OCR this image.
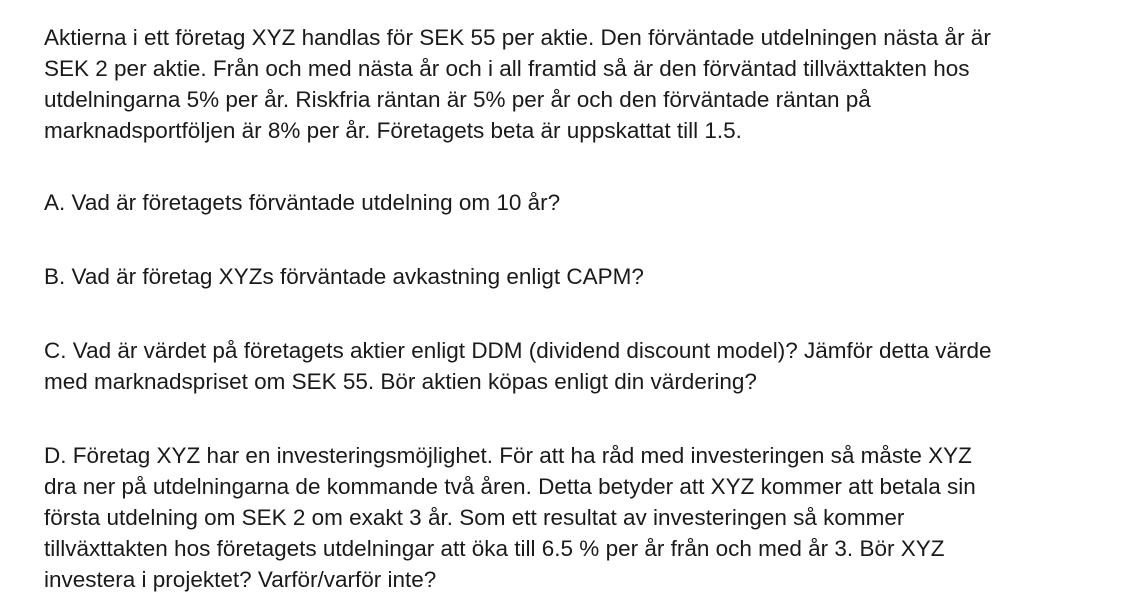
Aktierna i ett företag XYZ handlas för SEK 55 per aktie. Den förväntade utdelningen nästa år är
SEK 2 per aktie. Från och med nästa år och i all framtid så är den förväntad tillväxttakten hos
utdelningarna 5% per år. Riskfria räntan är 5% per år och den förväntade räntan på
marknadsportföljen är 8% per år. Företagets beta är uppskattat till 1.5.

A. Vad är företagets förväntade utdelning om 10 år?

B. Vad är företag XYZs förväntade avkastning enligt CAPM?

C. Vad är värdet på företagets aktier enligt DDM (dividend discount model)? Jämför detta värde
med marknadspriset om SEK 55. Bör aktien köpas enligt din värdering?

D. Företag XYZ har en investeringsmöjlighet. För att ha råd med investeringen så måste XYZ
dra ner på utdelningarna de kommande två åren. Detta betyder att XYZ kommer att betala sin
första utdelning om SEK 2 om exakt 3 år. Som ett resultat av investeringen så kommer
tillväxttakten hos företagets utdelningar att öka till 6.5 % per år från och med år 3. Bör XYZ
investera i projektet? Varför/varför inte?
